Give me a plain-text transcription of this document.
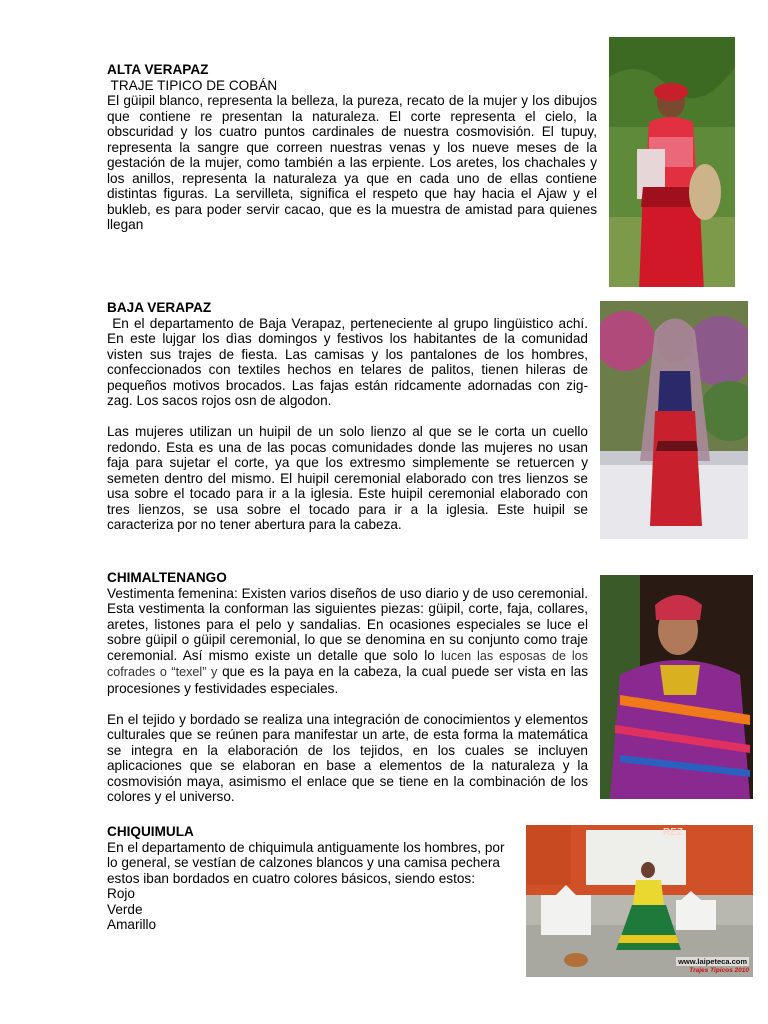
ALTA VERAPAZ

TRAJE TIPICO DE COBÁN

El güipil blanco, representa la belleza, la pureza, recato de la mujer y los dibujos que contiene re presentan la naturaleza. El corte representa el cielo, la obscuridad y los cuatro puntos cardinales de nuestra cosmovisión. El tupuy, representa la sangre que correen nuestras venas y los nueve meses de la gestación de la mujer, como también a las erpiente. Los aretes, los chachales y los anillos, representa la naturaleza ya que en cada uno de ellas contiene distintas figuras. La servilleta, significa el respeto que hay hacia el Ajaw y el bukleb, es para poder servir cacao, que es la muestra de amistad para quienes llegan

BAJA VERAPAZ

En el departamento de Baja Verapaz, perteneciente al grupo lingüistico achí. En este lujgar los dìas domingos y festivos los habitantes de la comunidad visten sus trajes de fiesta. Las camisas y los pantalones de los hombres, confeccionados con textiles hechos en telares de palitos, tienen hileras de pequeños motivos brocados. Las fajas están ridcamente adornadas con zig-zag. Los sacos rojos osn de algodon.

Las mujeres utilizan un huipil de un solo lienzo al que se le corta un cuello redondo. Esta es una de las pocas comunidades donde las mujeres no usan faja para sujetar el corte, ya que los extresmo simplemente se retuercen y semeten dentro del mismo. El huipil ceremonial elaborado con tres lienzos se usa sobre el tocado para ir a la iglesia. Este huipil ceremonial elaborado con tres lienzos, se usa sobre el tocado para ir a la iglesia. Este huipil se caracteriza por no tener abertura para la cabeza.

CHIMALTENANGO

Vestimenta femenina: Existen varios diseños de uso diario y de uso ceremonial. Esta vestimenta la conforman las siguientes piezas: güipil, corte, faja, collares, aretes, listones para el pelo y sandalias. En ocasiones especiales se luce el sobre güipil o güipil ceremonial, lo que se denomina en su conjunto como traje ceremonial. Así mismo existe un detalle que solo lo lucen las esposas de los cofrades o “texel” y que es la paya en la cabeza, la cual puede ser vista en las procesiones y festividades especiales.

En el tejido y bordado se realiza una integración de conocimientos y elementos culturales que se reúnen para manifestar un arte, de esta forma la matemática se integra en la elaboración de los tejidos, en los cuales se incluyen aplicaciones que se elaboran en base a elementos de la naturaleza y la cosmovisión maya, asimismo el enlace que se tiene en la combinación de los colores y el universo.

CHIQUIMULA
En el departamento de chiquimula antiguamente los hombres, por
lo general, se vestían de calzones blancos y una camisa pechera
estos iban bordados en cuatro colores básicos, siendo estos:
Rojo
Verde
Amarillo
REZ
www.laipeteca.com
Trajes Tipicos 2010
